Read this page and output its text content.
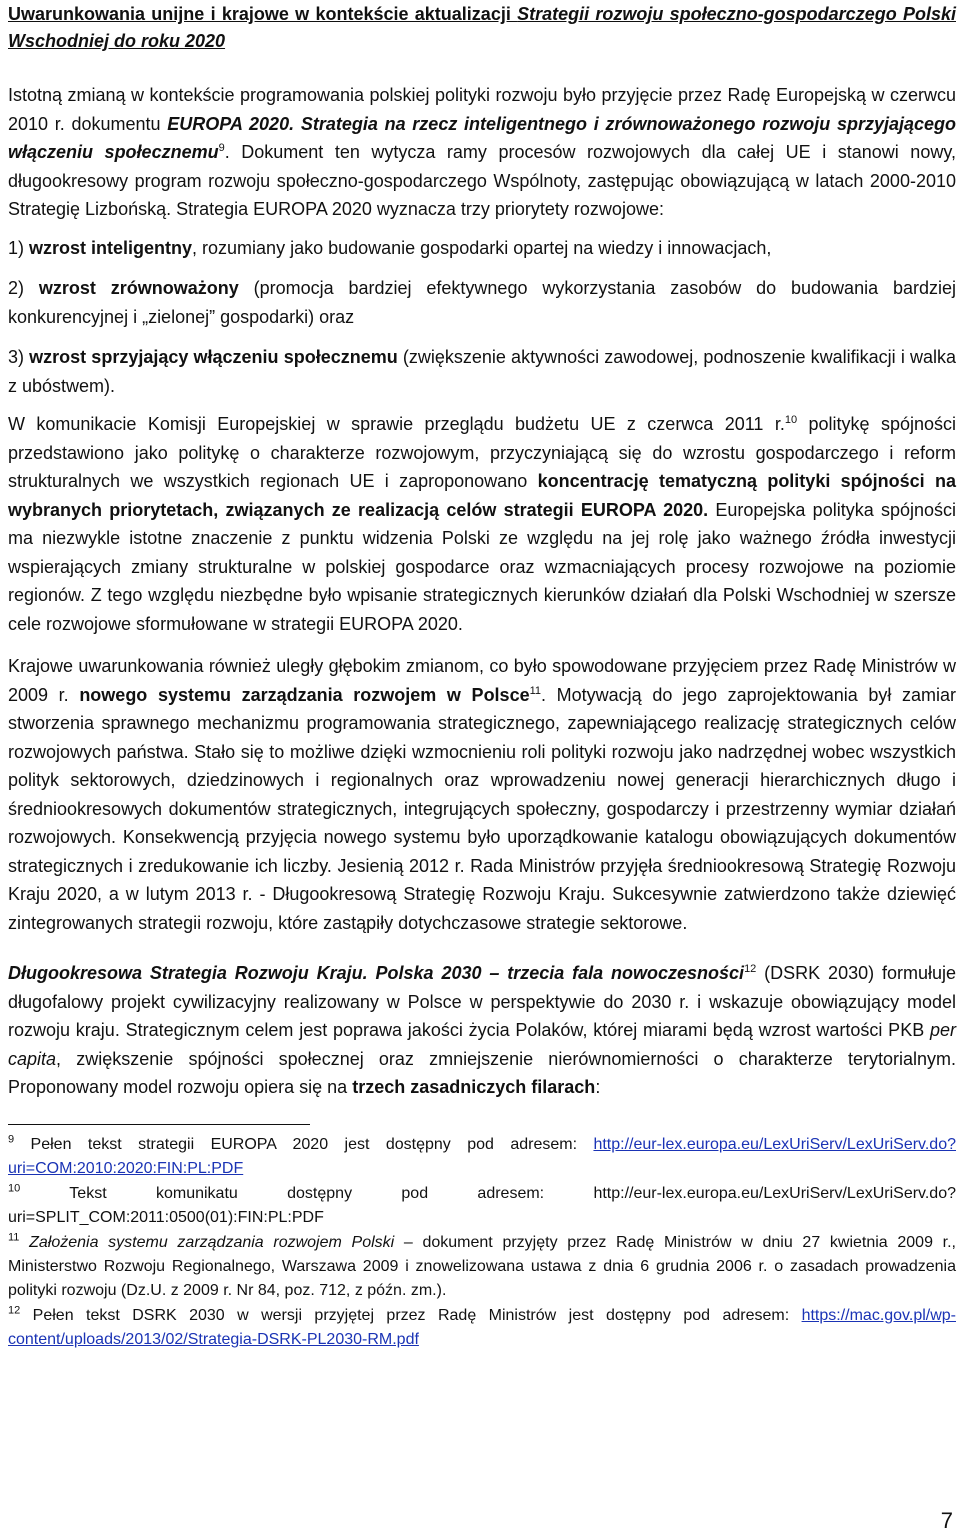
Uwarunkowania unijne i krajowe w kontekście aktualizacji Strategii rozwoju społeczno-gospodarczego Polski Wschodniej do roku 2020

Istotną zmianą w kontekście programowania polskiej polityki rozwoju było przyjęcie przez Radę Europejską w czerwcu 2010 r. dokumentu EUROPA 2020. Strategia na rzecz inteligentnego i zrównoważonego rozwoju sprzyjającego włączeniu społecznemu$^9$. Dokument ten wytycza ramy procesów rozwojowych dla całej UE i stanowi nowy, długookresowy program rozwoju społeczno-gospodarczego Wspólnoty, zastępując obowiązującą w latach 2000-2010 Strategię Lizbońską. Strategia EUROPA 2020 wyznacza trzy priorytety rozwojowe:

1) wzrost inteligentny, rozumiany jako budowanie gospodarki opartej na wiedzy i innowacjach,

2) wzrost zrównoważony (promocja bardziej efektywnego wykorzystania zasobów do budowania bardziej konkurencyjnej i „zielonej” gospodarki) oraz

3) wzrost sprzyjający włączeniu społecznemu (zwiększenie aktywności zawodowej, podnoszenie kwalifikacji i walka z ubóstwem).

W komunikacie Komisji Europejskiej w sprawie przeglądu budżetu UE z czerwca 2011 r.$^{10}$ politykę spójności przedstawiono jako politykę o charakterze rozwojowym, przyczyniającą się do wzrostu gospodarczego i reform strukturalnych we wszystkich regionach UE i zaproponowano koncentrację tematyczną polityki spójności na wybranych priorytetach, związanych ze realizacją celów strategii EUROPA 2020. Europejska polityka spójności ma niezwykle istotne znaczenie z punktu widzenia Polski ze względu na jej rolę jako ważnego źródła inwestycji wspierających zmiany strukturalne w polskiej gospodarce oraz wzmacniających procesy rozwojowe na poziomie regionów. Z tego względu niezbędne było wpisanie strategicznych kierunków działań dla Polski Wschodniej w szersze cele rozwojowe sformułowane w strategii EUROPA 2020.

Krajowe uwarunkowania również uległy głębokim zmianom, co było spowodowane przyjęciem przez Radę Ministrów w 2009 r. nowego systemu zarządzania rozwojem w Polsce$^{11}$. Motywacją do jego zaprojektowania był zamiar stworzenia sprawnego mechanizmu programowania strategicznego, zapewniającego realizację strategicznych celów rozwojowych państwa. Stało się to możliwe dzięki wzmocnieniu roli polityki rozwoju jako nadrzędnej wobec wszystkich polityk sektorowych, dziedzinowych i regionalnych oraz wprowadzeniu nowej generacji hierarchicznych długo i średniookresowych dokumentów strategicznych, integrujących społeczny, gospodarczy i przestrzenny wymiar działań rozwojowych. Konsekwencją przyjęcia nowego systemu było uporządkowanie katalogu obowiązujących dokumentów strategicznych i zredukowanie ich liczby. Jesienią 2012 r. Rada Ministrów przyjęła średniookresową Strategię Rozwoju Kraju 2020, a w lutym 2013 r. - Długookresową Strategię Rozwoju Kraju. Sukcesywnie zatwierdzono także dziewięć zintegrowanych strategii rozwoju, które zastąpiły dotychczasowe strategie sektorowe.

Długookresowa Strategia Rozwoju Kraju. Polska 2030 – trzecia fala nowoczesności$^{12}$ (DSRK 2030) formułuje długofalowy projekt cywilizacyjny realizowany w Polsce w perspektywie do 2030 r. i wskazuje obowiązujący model rozwoju kraju. Strategicznym celem jest poprawa jakości życia Polaków, której miarami będą wzrost wartości PKB per capita, zwiększenie spójności społecznej oraz zmniejszenie nierównomierności o charakterze terytorialnym. Proponowany model rozwoju opiera się na trzech zasadniczych filarach:

$^9$ Pełen tekst strategii EUROPA 2020 jest dostępny pod adresem: http://eur-lex.europa.eu/LexUriServ/LexUriServ.do?uri=COM:2010:2020:FIN:PL:PDF

$^{10}$ Tekst komunikatu dostępny pod adresem: http://eur-lex.europa.eu/LexUriServ/LexUriServ.do?uri=SPLIT_COM:2011:0500(01):FIN:PL:PDF

$^{11}$ Założenia systemu zarządzania rozwojem Polski – dokument przyjęty przez Radę Ministrów w dniu 27 kwietnia 2009 r., Ministerstwo Rozwoju Regionalnego, Warszawa 2009 i znowelizowana ustawa z dnia 6 grudnia 2006 r. o zasadach prowadzenia polityki rozwoju (Dz.U. z 2009 r. Nr 84, poz. 712, z późn. zm.).

$^{12}$ Pełen tekst DSRK 2030 w wersji przyjętej przez Radę Ministrów jest dostępny pod adresem: https://mac.gov.pl/wp-content/uploads/2013/02/Strategia-DSRK-PL2030-RM.pdf

7
